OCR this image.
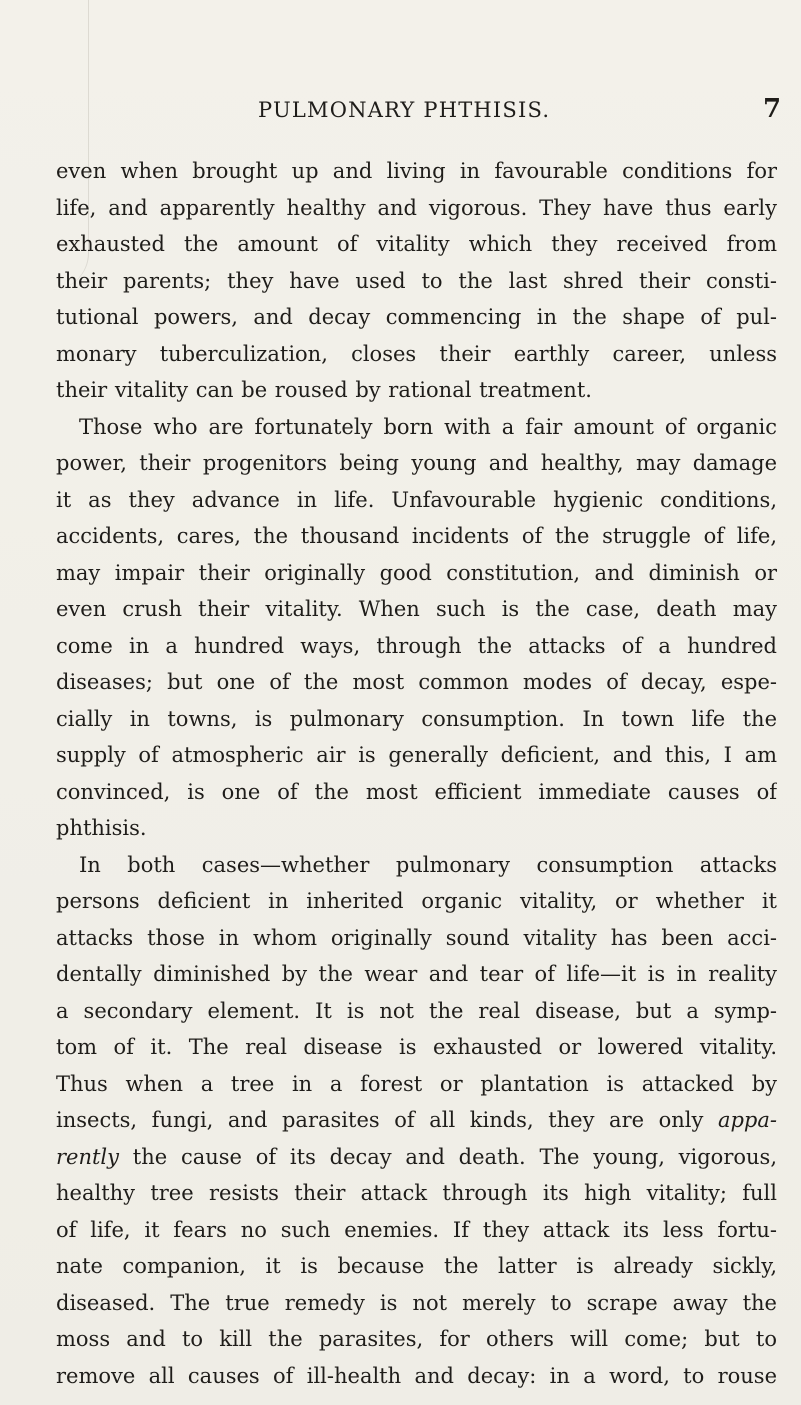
PULMONARY PHTHISIS.	7
even when brought up and living in favourable conditions for
life, and apparently healthy and vigorous. They have thus early
exhausted the amount of vitality which they received from
their parents; they have used to the last shred their consti-
tutional powers, and decay commencing in the shape of pul-
monary tuberculization, closes their earthly career, unless
their vitality can be roused by rational treatment.
Those who are fortunately born with a fair amount of organic
power, their progenitors being young and healthy, may damage
it as they advance in life. Unfavourable hygienic conditions,
accidents, cares, the thousand incidents of the struggle of life,
may impair their originally good constitution, and diminish or
even crush their vitality. When such is the case, death may
come in a hundred ways, through the attacks of a hundred
diseases; but one of the most common modes of decay, espe-
cially in towns, is pulmonary consumption. In town life the
supply of atmospheric air is generally deficient, and this, I am
convinced, is one of the most efficient immediate causes of
phthisis.
In both cases—whether pulmonary consumption attacks
persons deficient in inherited organic vitality, or whether it
attacks those in whom originally sound vitality has been acci-
dentally diminished by the wear and tear of life—it is in reality
a secondary element. It is not the real disease, but a symp-
tom of it. The real disease is exhausted or lowered vitality.
Thus when a tree in a forest or plantation is attacked by
insects, fungi, and parasites of all kinds, they are only appa-
rently the cause of its decay and death. The young, vigorous,
healthy tree resists their attack through its high vitality; full
of life, it fears no such enemies. If they attack its less fortu-
nate companion, it is because the latter is already sickly,
diseased. The true remedy is not merely to scrape away the
moss and to kill the parasites, for others will come; but to
remove all causes of ill-health and decay: in a word, to rouse
